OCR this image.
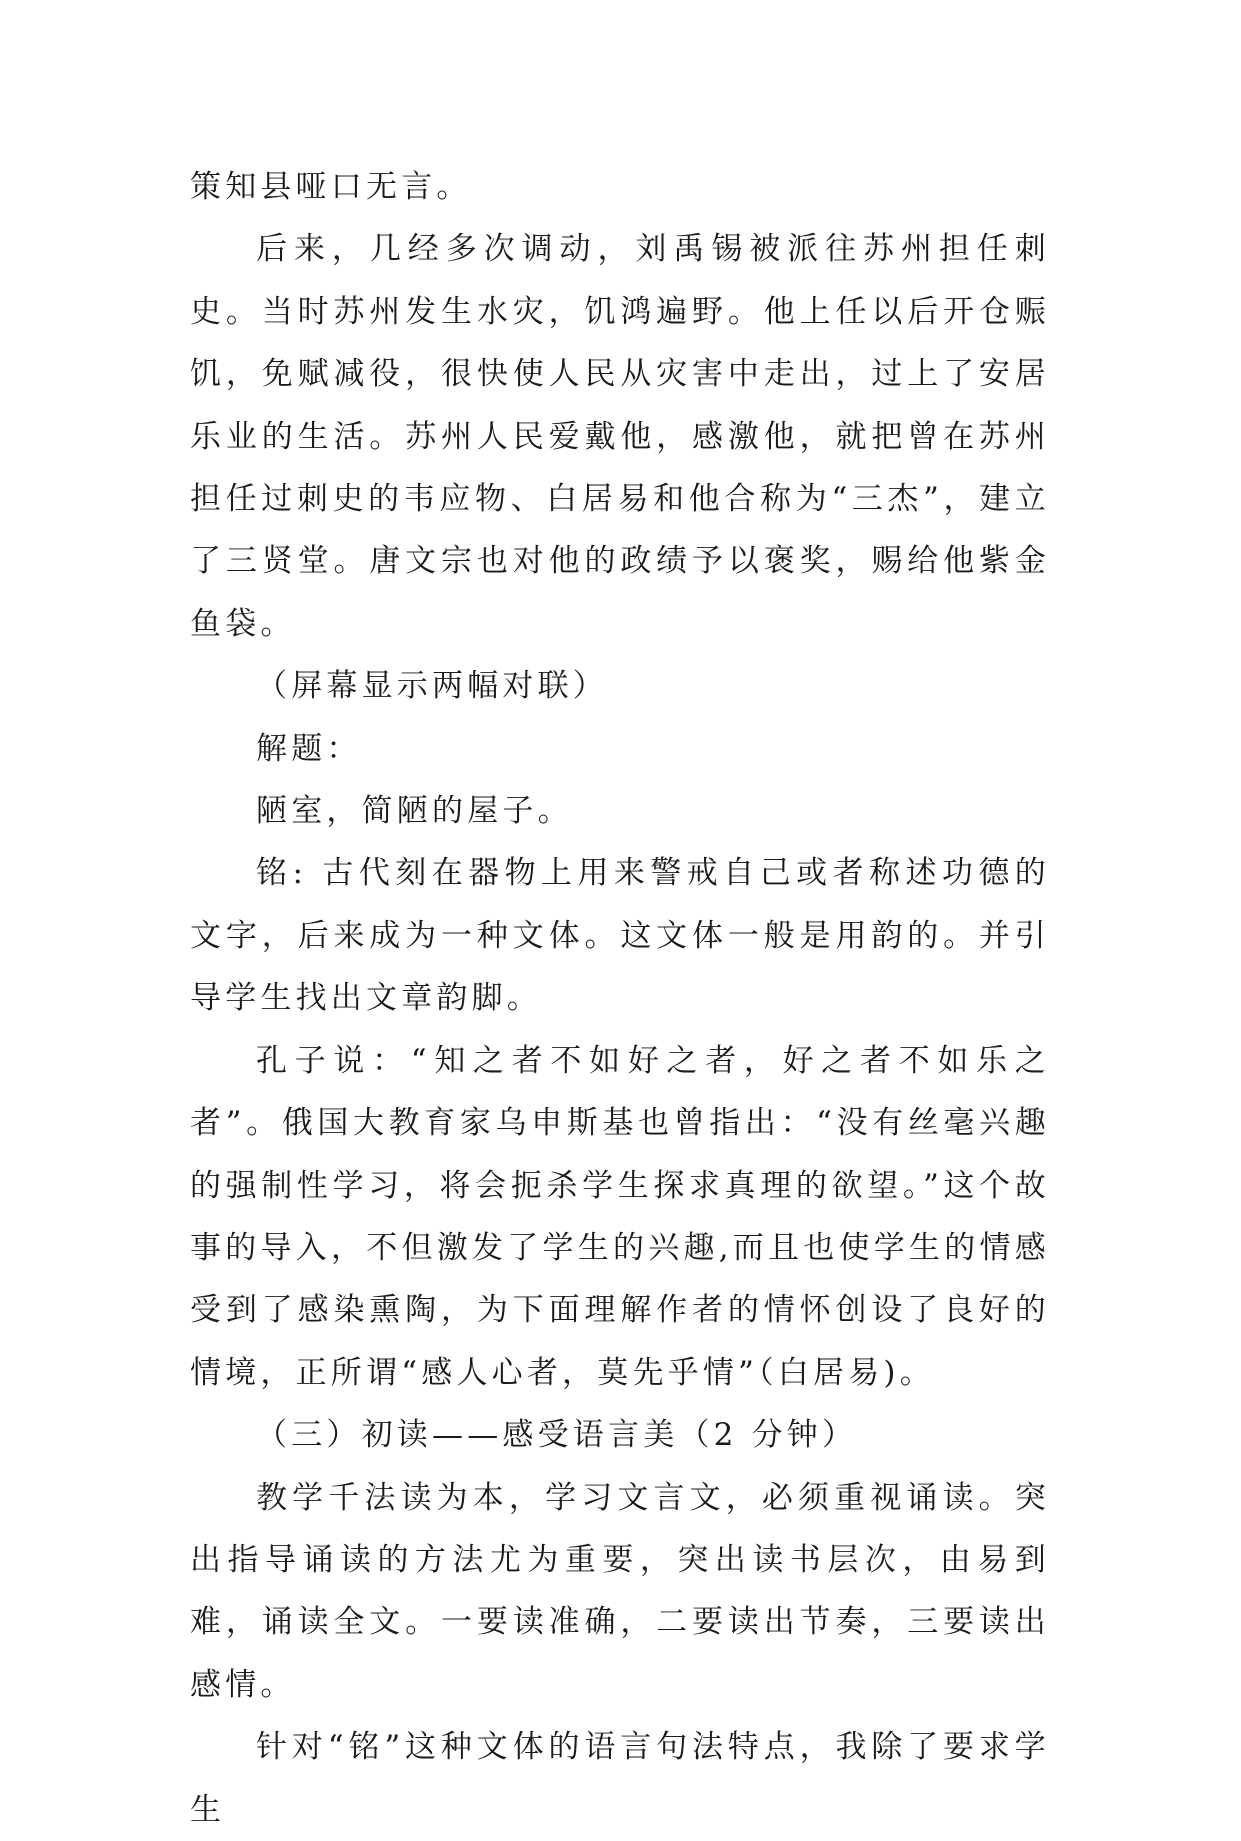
策知县哑口无言。

后来，几经多次调动，刘禹锡被派往苏州担任刺史。当时苏州发生水灾，饥鸿遍野。他上任以后开仓赈饥，免赋减役，很快使人民从灾害中走出，过上了安居乐业的生活。苏州人民爱戴他，感激他，就把曾在苏州担任过刺史的韦应物、白居易和他合称为“三杰”，建立了三贤堂。唐文宗也对他的政绩予以褒奖，赐给他紫金鱼袋。

（屏幕显示两幅对联）

解题：

陋室，简陋的屋子。

铭: 古代刻在器物上用来警戒自己或者称述功德的文字，后来成为一种文体。这文体一般是用韵的。并引导学生找出文章韵脚。

孔子说：“知之者不如好之者，好之者不如乐之者”。俄国大教育家乌申斯基也曾指出：“没有丝毫兴趣的强制性学习，将会扼杀学生探求真理的欲望。”这个故事的导入，不但激发了学生的兴趣,而且也使学生的情感受到了感染熏陶，为下面理解作者的情怀创设了良好的情境，正所谓“感人心者，莫先乎情”（白居易)。

（三）初读——感受语言美（2 分钟）

教学千法读为本，学习文言文，必须重视诵读。突出指导诵读的方法尤为重要，突出读书层次，由易到难，诵读全文。一要读准确，二要读出节奏，三要读出感情。

针对“铭”这种文体的语言句法特点，我除了要求学生
